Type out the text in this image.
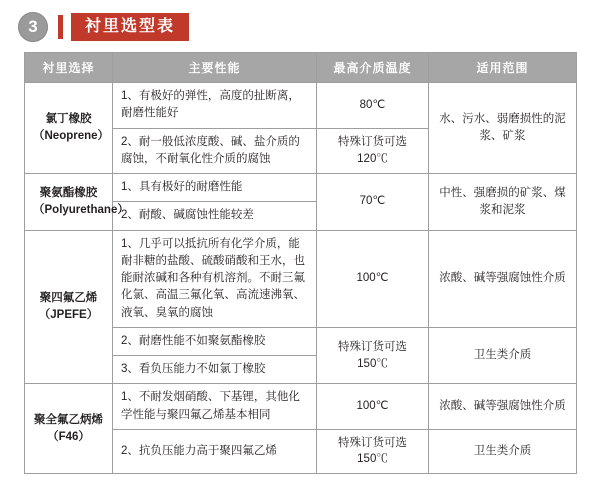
3	衬里选型表
衬里选择	主要性能	最高介质温度	适用范围
氯丁橡胶
（Neoprene）	1、有极好的弹性，高度的扯断离，耐磨性能好	80℃	水、污水、弱磨损性的泥浆、矿浆
	2、耐一般低浓度酸、碱、盐介质的腐蚀，不耐氧化性介质的腐蚀	特殊订货可选120℃	
聚氨酯橡胶
（Polyurethane）	1、具有极好的耐磨性能	70℃	中性、强磨损的矿浆、煤浆和泥浆
	2、耐酸、碱腐蚀性能较差		
聚四氟乙烯
（JPEFE）	1、几乎可以抵抗所有化学介质，能耐非糖的盐酸、硫酸硝酸和王水，也能耐浓碱和各种有机溶剂。不耐三氟化氯、高温三氟化氧、高流速沸氧、液氧、臭氧的腐蚀	100℃	浓酸、碱等强腐蚀性介质
	2、耐磨性能不如聚氨酯橡胶	特殊订货可选150℃	卫生类介质
	3、看负压能力不如氯丁橡胶		
聚全氟乙炳烯
（F46）	1、不耐发烟硝酸、下基锂，其他化学性能与聚四氟乙烯基本相同	100℃	浓酸、碱等强腐蚀性介质
	2、抗负压能力高于聚四氟乙烯	特殊订货可选150℃	卫生类介质
